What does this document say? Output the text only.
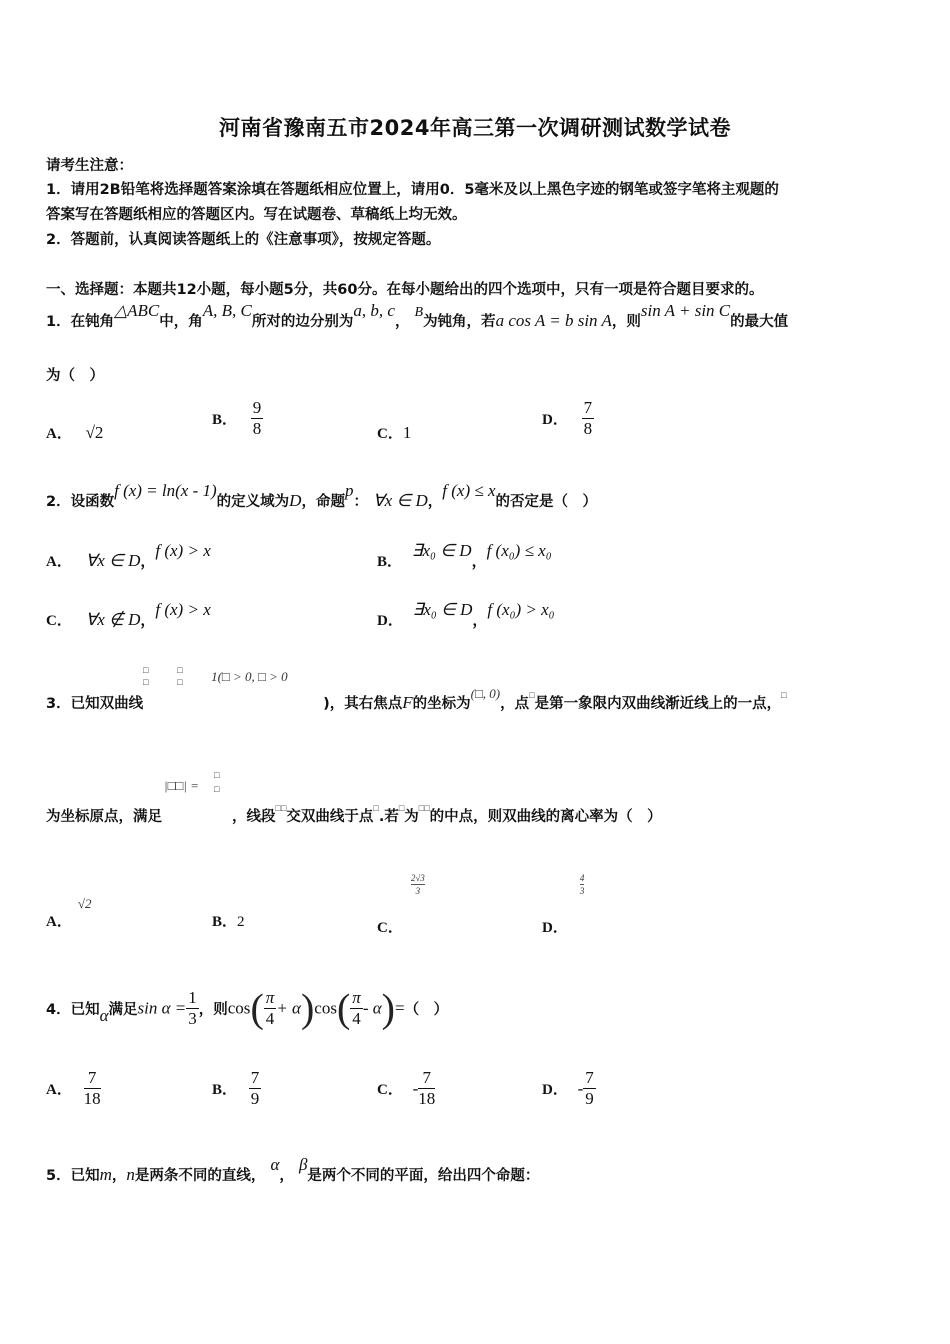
河南省豫南五市2024年高三第一次调研测试数学试卷
请考生注意：
1．请用2B铅笔将选择题答案涂填在答题纸相应位置上，请用0．5毫米及以上黑色字迹的钢笔或签字笔将主观题的
答案写在答题纸相应的答题区内。写在试题卷、草稿纸上均无效。
2．答题前，认真阅读答题纸上的《注意事项》，按规定答题。
一、选择题：本题共12小题，每小题5分，共60分。在每小题给出的四个选项中，只有一项是符合题目要求的。
1．在钝角△ABC中，角A, B, C所对的边分别为a, b, c， B为钝角，若a cos A = b sin A，则sin A + sin C的最大值
为（　）
A． √2
B． $\frac{9}{8}$	C．1
D． $\frac{7}{8}$
2．设函数f (x) = ln(x - 1)的定义域为D，命题p： ∀x ∈ D，f (x) ≤ x的否定是（　）
A． ∀x ∈ D，f (x) > x
B． ∃x₀ ∈ D，f (x₀) ≤ x₀
C． ∀x ∉ D，f (x) > x
D． ∃x₀ ∈ D，f (x₀) > x₀
3．已知双曲线
□
□
□
□ 1(□ > 0, □ > 0
)，其右焦点F的坐标为(□, 0)，点□是第一象限内双曲线渐近线上的一点，□
为坐标原点，满足
|□□| =
□
□
，线段□□交双曲线于点□.若□为□□的中点，则双曲线的离心率为（　）
A．√2
B．2	C．
$\frac{2√3}{3}$
D．
$\frac{4}{3}$
4．已知α满足$\sin \alpha = \frac{1}{3}$ ，则$\cos( \frac{\pi}{4} + \alpha)\cos( \frac{\pi}{4} - \alpha)=$（　）
A． $\frac{7}{18}$	B． $\frac{7}{9}$	C． - $\frac{7}{18}$	D． - $\frac{7}{9}$
5．已知m，n是两条不同的直线， α， β是两个不同的平面，给出四个命题：
